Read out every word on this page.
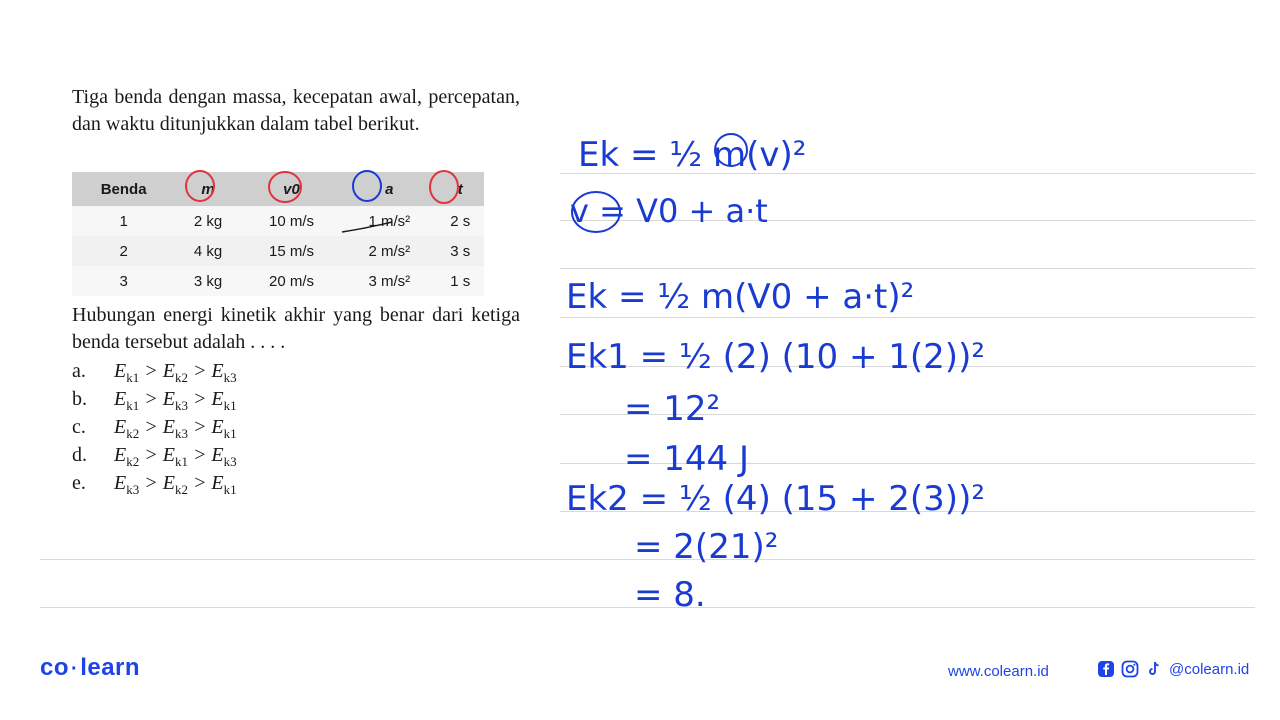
Tiga benda dengan massa, kecepatan awal, percepatan, dan waktu ditunjukkan dalam tabel berikut.

Benda	m	v0	a	t
1	2 kg	10 m/s	1 m/s²	2 s
2	4 kg	15 m/s	2 m/s²	3 s
3	3 kg	20 m/s	3 m/s²	1 s
Hubungan energi kinetik akhir yang benar dari ketiga benda tersebut adalah . . . .
a.	$E_{k1} > E_{k2} > E_{k3}$
b.	$E_{k1} > E_{k3} > E_{k1}$
c.	$E_{k2} > E_{k3} > E_{k1}$
d.	$E_{k2} > E_{k1} > E_{k3}$
e.	$E_{k3} > E_{k2} > E_{k1}$
Ek = ½ m(v)²
v = V0 + a·t
Ek = ½ m(V0 + a·t)²
Ek1 = ½ (2) (10 + 1(2))²
= 12²
= 144 J
Ek2 = ½ (4) (15 + 2(3))²
= 2(21)²
= 8.
co ·learn	www.colearn.id	@colearn.id
